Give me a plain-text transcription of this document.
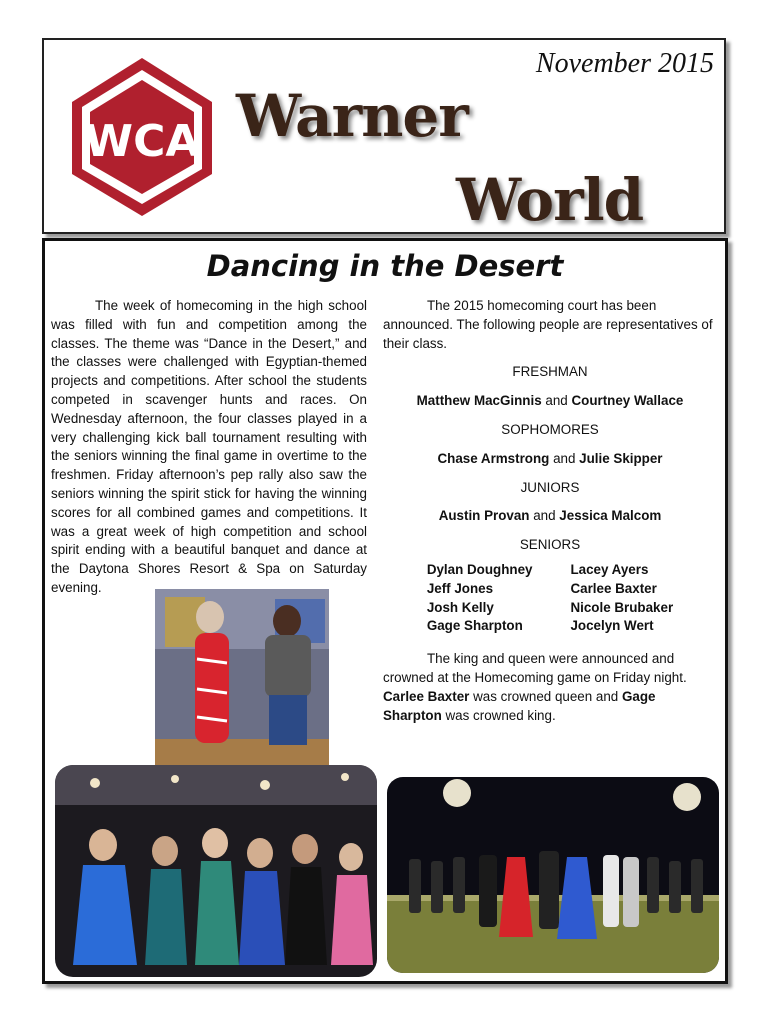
November 2015
WCA Warner
World
Dancing in the Desert

The week of homecoming in the high school was filled with fun and competition among the classes. The theme was “Dance in the Desert,” and the classes were challenged with Egyptian-themed projects and competitions. After school the students competed in scavenger hunts and races. On Wednesday afternoon, the four classes played in a very challenging kick ball tournament resulting with the seniors winning the final game in overtime to the freshmen. Friday afternoon’s pep rally also saw the seniors winning the spirit stick for having the winning scores for all combined games and competitions. It was a great week of high competition and school spirit ending with a beautiful banquet and dance at the Daytona Shores Resort & Spa on Saturday evening.

The 2015 homecoming court has been announced. The following people are representatives of their class.

FRESHMAN

Matthew MacGinnis and Courtney Wallace

SOPHOMORES

Chase Armstrong and Julie Skipper

JUNIORS

Austin Provan and Jessica Malcom

SENIORS

Dylan Doughney
Jeff Jones
Josh Kelly
Gage Sharpton
Lacey Ayers
Carlee Baxter
Nicole Brubaker
Jocelyn Wert

The king and queen were announced and crowned at the Homecoming game on Friday night. Carlee Baxter was crowned queen and Gage Sharpton was crowned king.
